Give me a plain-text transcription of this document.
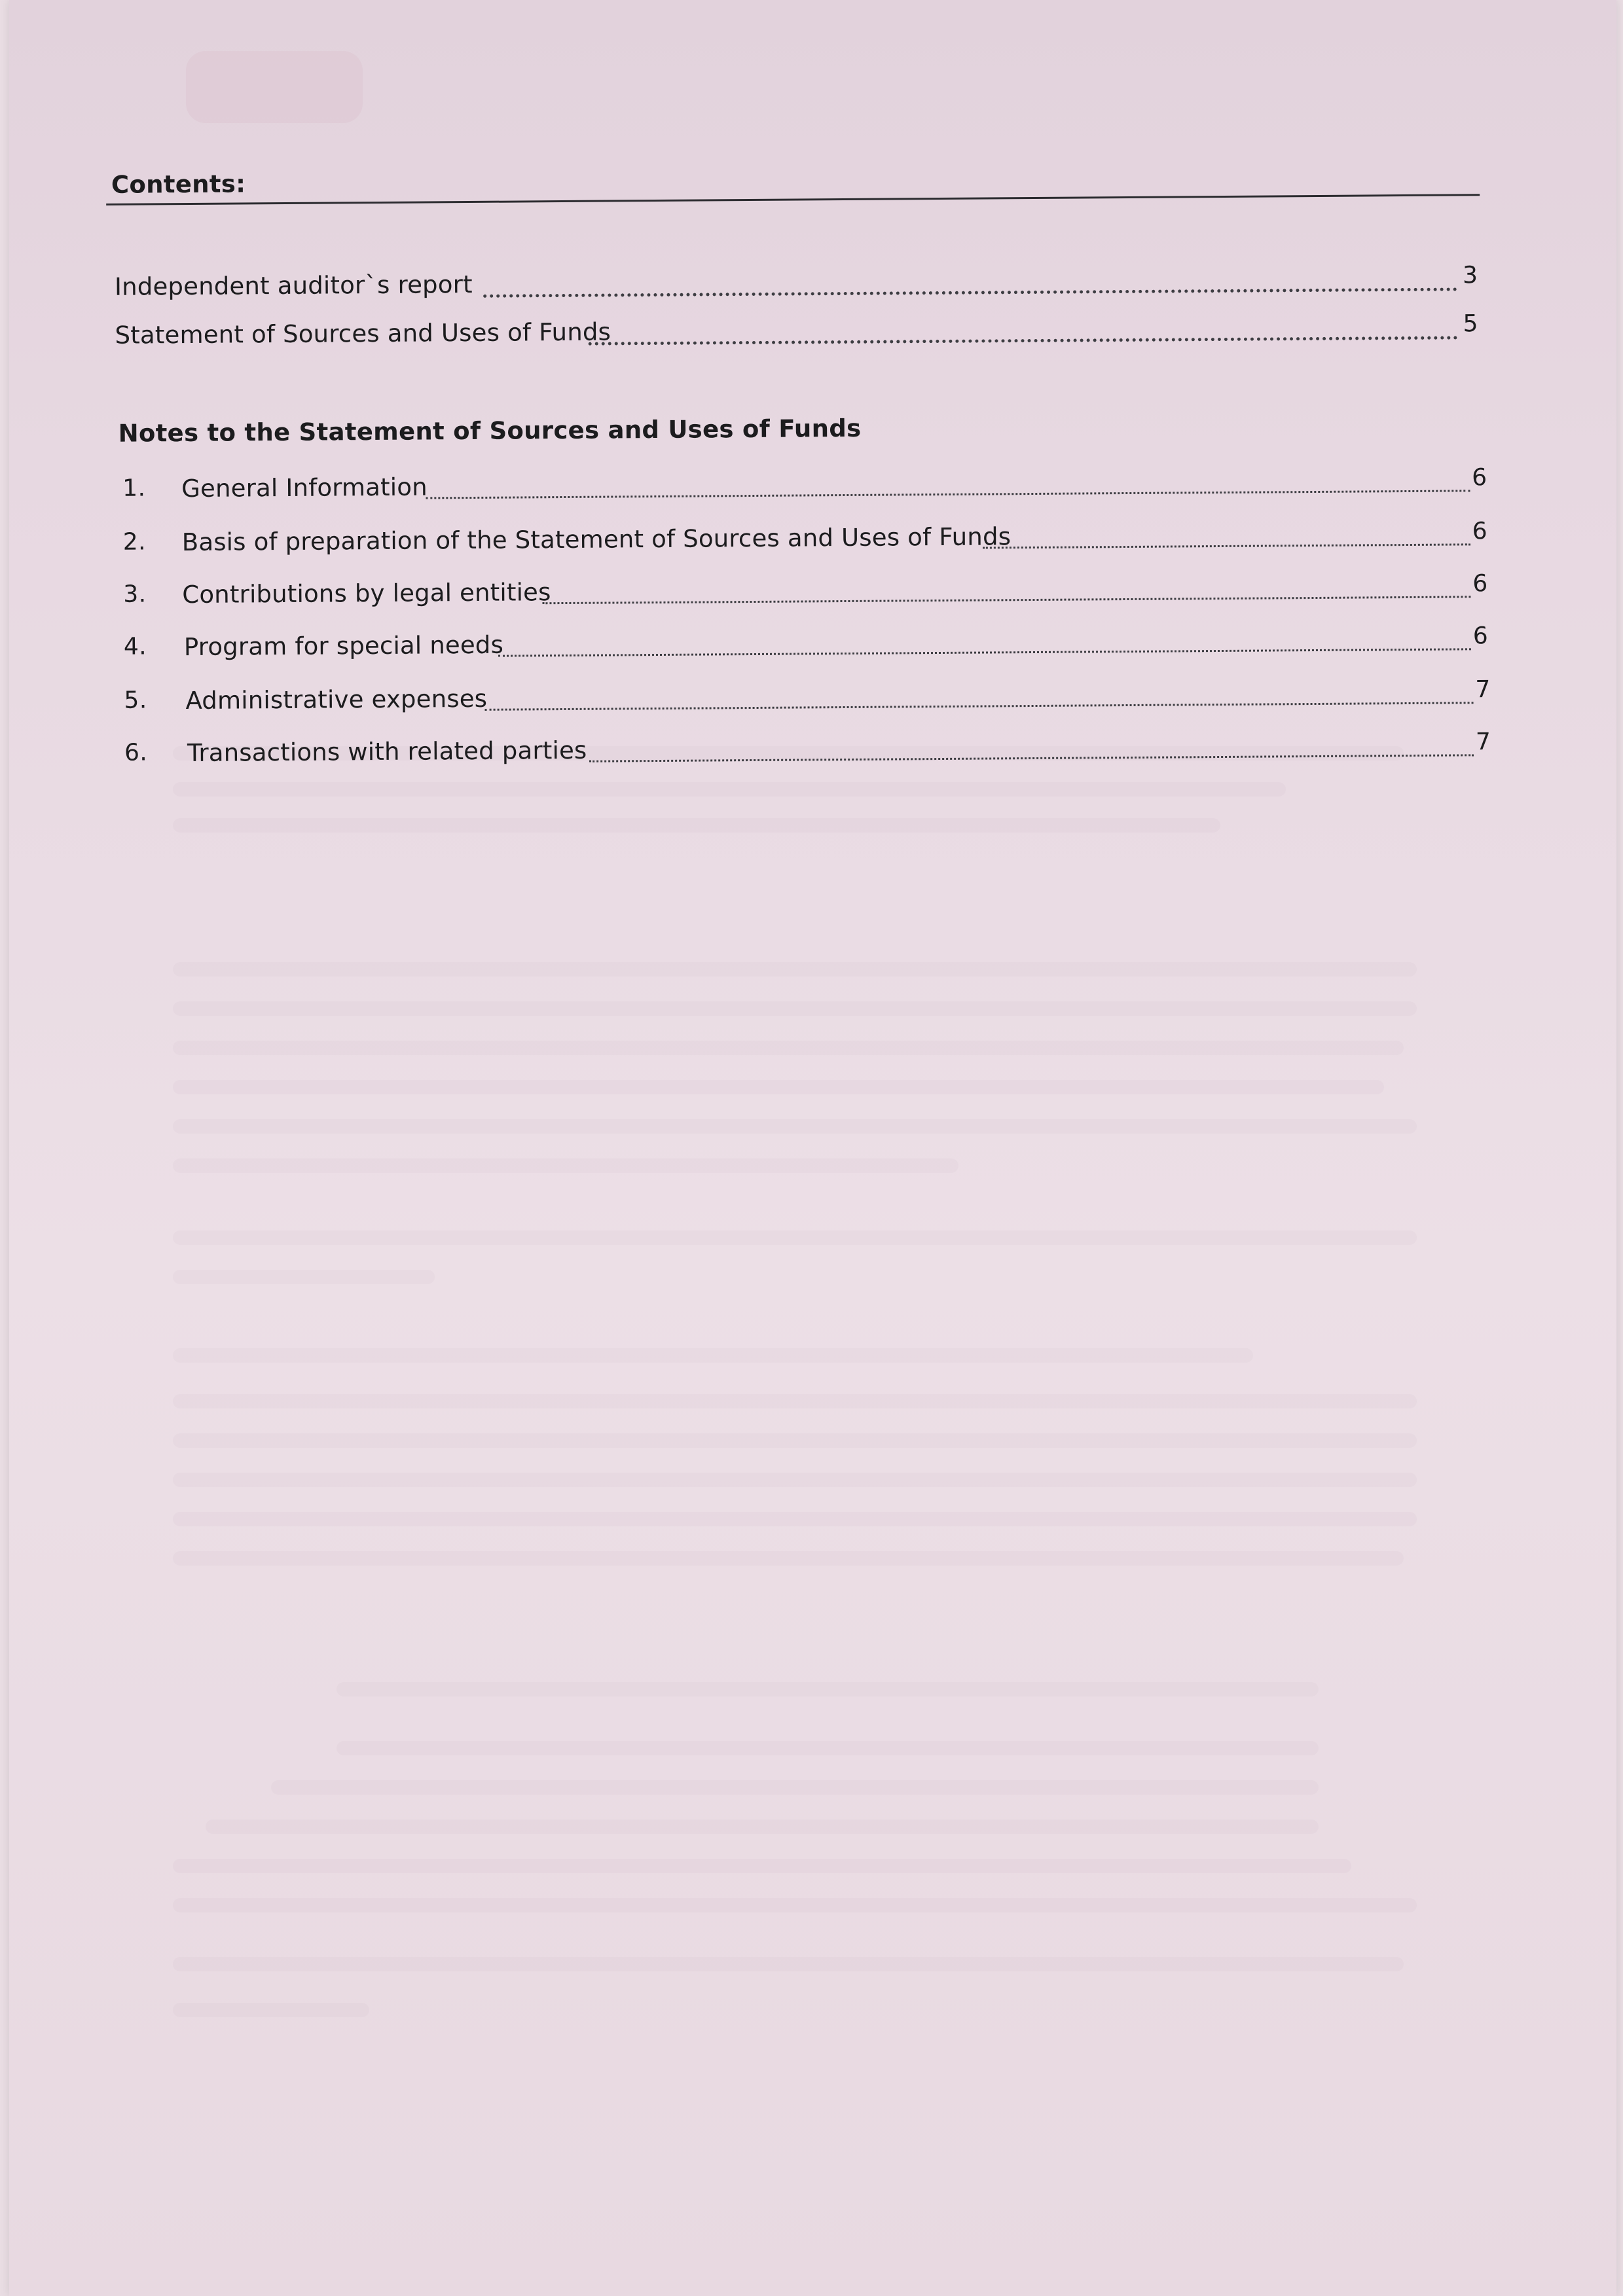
Contents:
Independent auditor`s report	3
Statement of Sources and Uses of Funds	5
Notes to the Statement of Sources and Uses of Funds
1. General Information	6
2. Basis of preparation of the Statement of Sources and Uses of Funds	6
3. Contributions by legal entities	6
4. Program for special needs	6
5. Administrative expenses	7
6. Transactions with related parties	7
